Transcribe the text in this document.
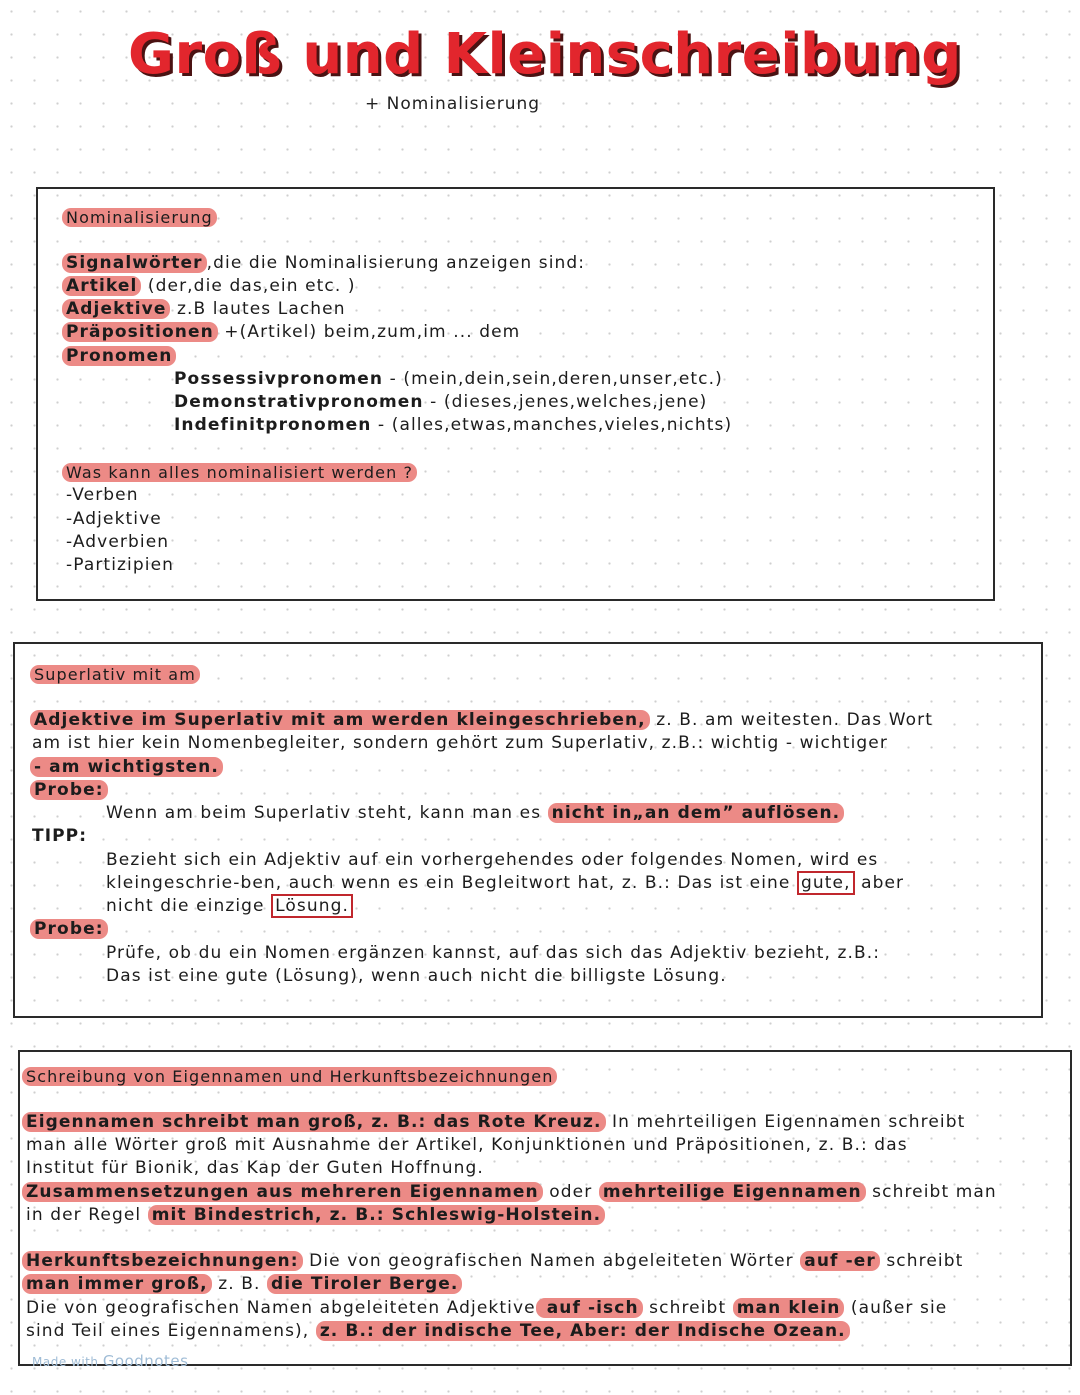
Groß und Kleinschreibung
+ Nominalisierung
Nominalisierung
Signalwörter ,die die Nominalisierung anzeigen sind:
Artikel (der,die das,ein etc. )
Adjektive z.B lautes Lachen
Präpositionen +(Artikel) beim,zum,im ... dem
Pronomen
Possessivpronomen - (mein,dein,sein,deren,unser,etc.)
Demonstrativpronomen - (dieses,jenes,welches,jene)
Indefinitpronomen - (alles,etwas,manches,vieles,nichts)
Was kann alles nominalisiert werden ?
-Verben
-Adjektive
-Adverbien
-Partizipien
Superlativ mit am
Adjektive im Superlativ mit am werden kleingeschrieben, z. B. am weitesten. Das Wort
am ist hier kein Nomenbegleiter, sondern gehört zum Superlativ, z.B.: wichtig - wichtiger
- am wichtigsten.
Probe:
Wenn am beim Superlativ steht, kann man es nicht in„an dem” auflösen.
TIPP:
Bezieht sich ein Adjektiv auf ein vorhergehendes oder folgendes Nomen, wird es
kleingeschrie-ben, auch wenn es ein Begleitwort hat, z. B.: Das ist eine gute, aber
nicht die einzige Lösung.
Probe:
Prüfe, ob du ein Nomen ergänzen kannst, auf das sich das Adjektiv bezieht, z.B.:
Das ist eine gute (Lösung), wenn auch nicht die billigste Lösung.
Schreibung von Eigennamen und Herkunftsbezeichnungen
Eigennamen schreibt man groß, z. B.: das Rote Kreuz. In mehrteiligen Eigennamen schreibt
man alle Wörter groß mit Ausnahme der Artikel, Konjunktionen und Präpositionen, z. B.: das
Institut für Bionik, das Kap der Guten Hoffnung.
Zusammensetzungen aus mehreren Eigennamen oder mehrteilige Eigennamen schreibt man
in der Regel mit Bindestrich, z. B.: Schleswig-Holstein.
Herkunftsbezeichnungen: Die von geografischen Namen abgeleiteten Wörter auf -er schreibt
man immer groß, z. B. die Tiroler Berge.
Die von geografischen Namen abgeleiteten Adjektive auf -isch schreibt man klein (außer sie
sind Teil eines Eigennamens), z. B.: der indische Tee, Aber: der Indische Ozean.
Made with Goodnotes
